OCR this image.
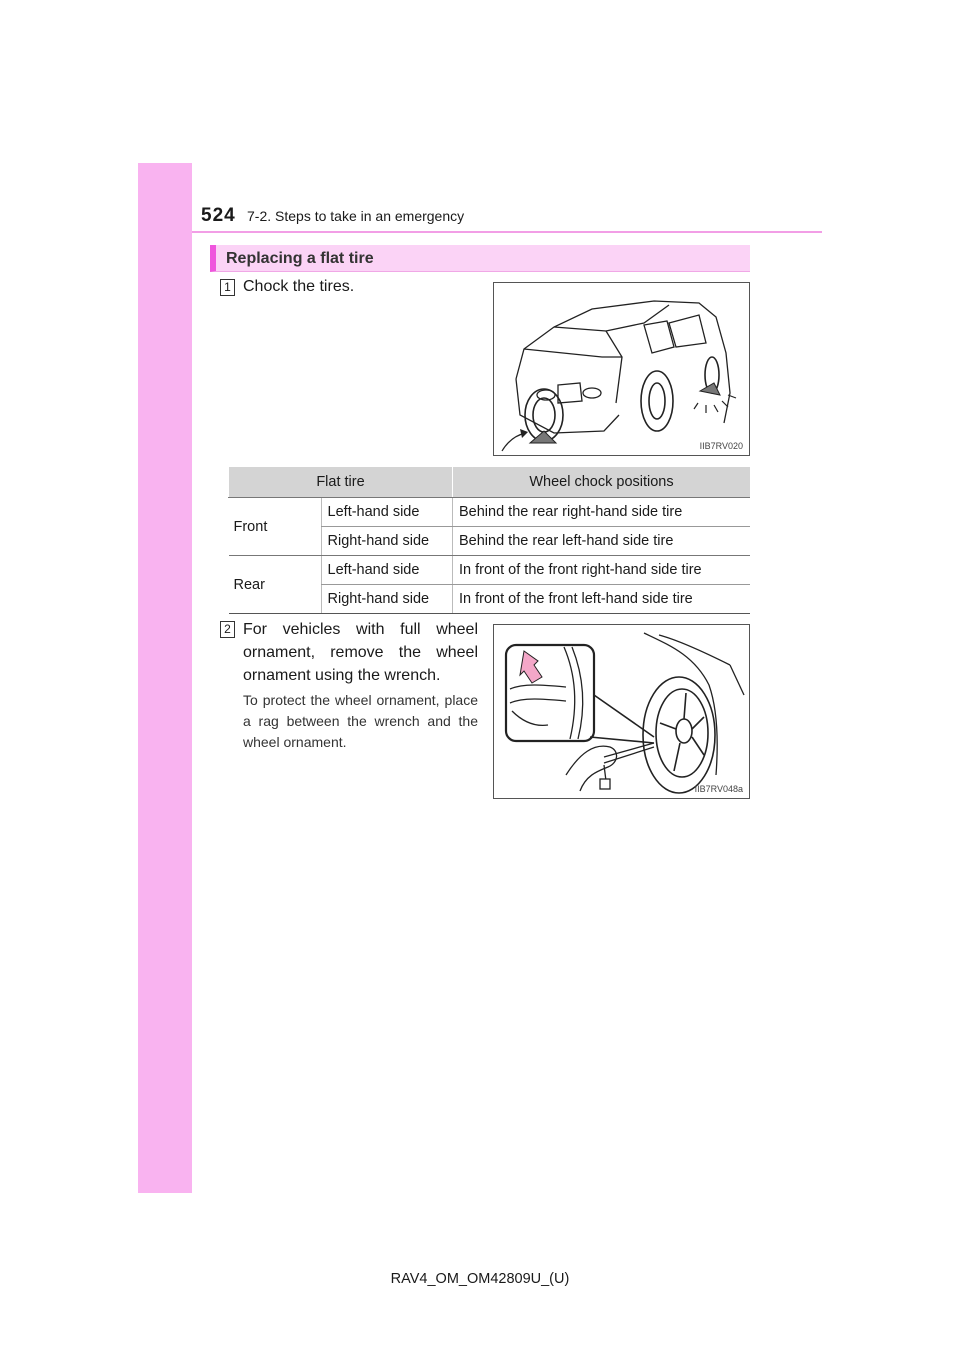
524 7-2. Steps to take in an emergency
Replacing a flat tire
1 Chock the tires.
IIB7RV020
Flat tire		Wheel chock positions
Front	Left-hand side	Behind the rear right-hand side tire
	Right-hand side	Behind the rear left-hand side tire
Rear	Left-hand side	In front of the front right-hand side tire
	Right-hand side	In front of the front left-hand side tire
2 For vehicles with full wheel ornament, remove the wheel ornament using the wrench.
To protect the wheel ornament, place a rag between the wrench and the wheel ornament.
IIB7RV048a
RAV4_OM_OM42809U_(U)
